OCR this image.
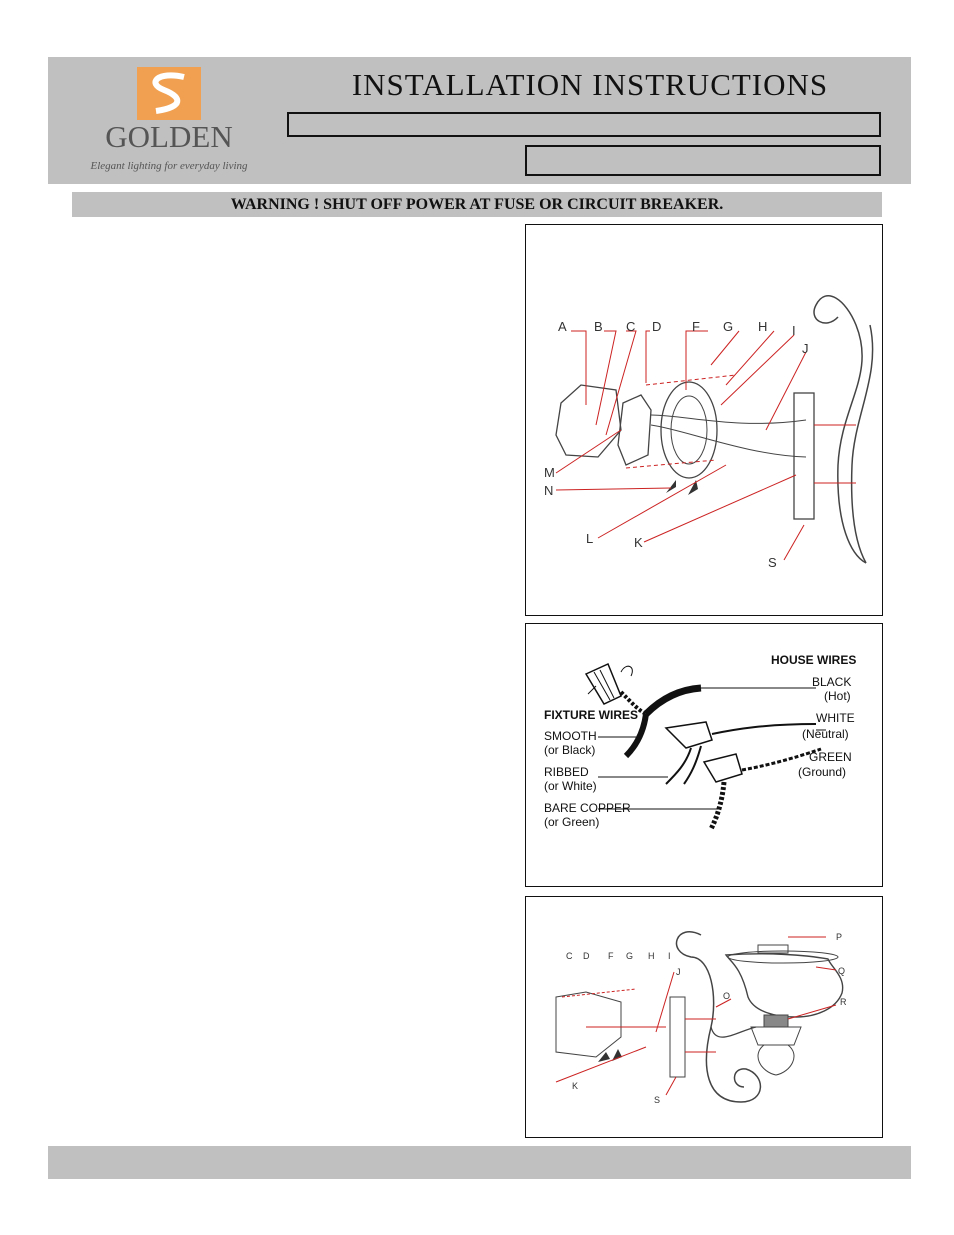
GOLDEN
Elegant lighting for everyday living
INSTALLATION INSTRUCTIONS
WARNING ! SHUT OFF POWER AT FUSE OR CIRCUIT BREAKER.
A B C D F G H I
J
M
N
L	K
S
HOUSE WIRES
BLACK
(Hot)
WHITE
(Neutral)
GREEN
(Ground)
FIXTURE WIRES
SMOOTH
(or Black)
RIBBED
(or White)
BARE COPPER
(or Green)
C D F G H I
J
O
P
Q
R
K
S
